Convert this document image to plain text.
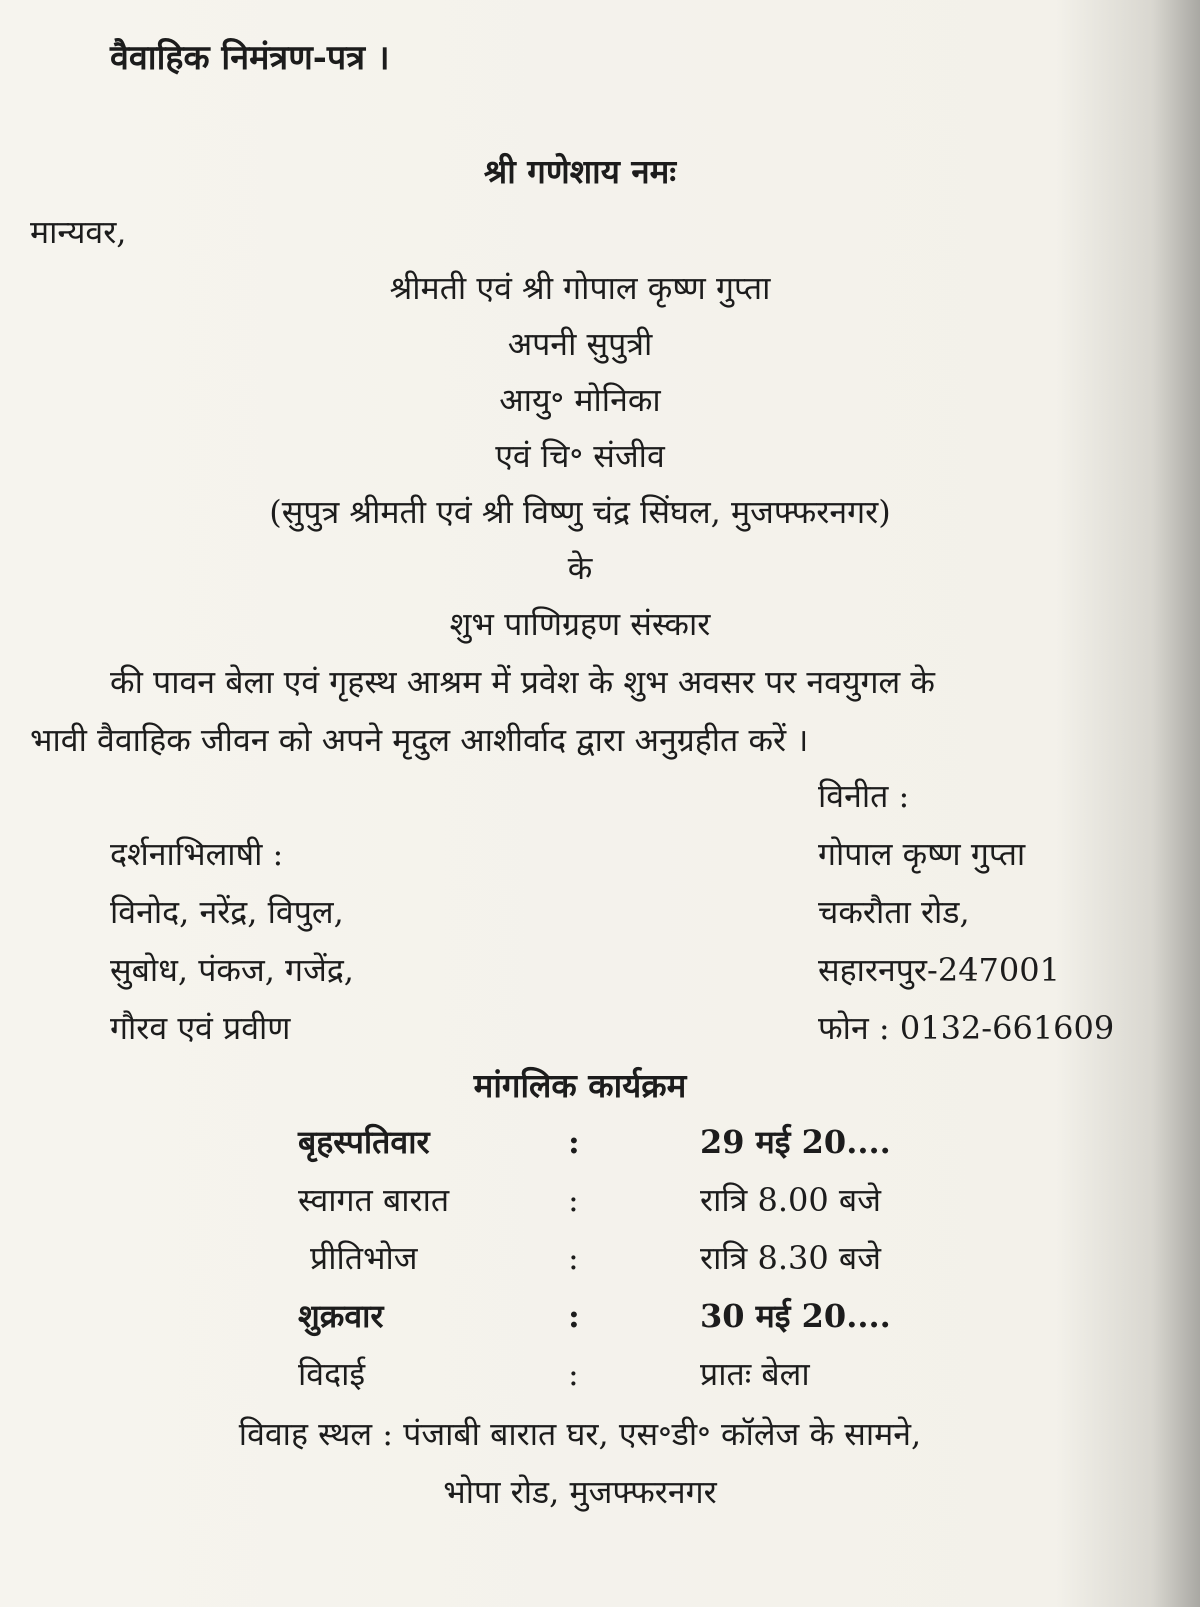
वैवाहिक निमंत्रण-पत्र ।
श्री गणेशाय नमः
मान्यवर,
श्रीमती एवं श्री गोपाल कृष्ण गुप्ता
अपनी सुपुत्री
आयु॰ मोनिका
एवं चि॰ संजीव
(सुपुत्र श्रीमती एवं श्री विष्णु चंद्र सिंघल, मुजफ्फरनगर)
के
शुभ पाणिग्रहण संस्कार
की पावन बेला एवं गृहस्थ आश्रम में प्रवेश के शुभ अवसर पर नवयुगल के
भावी वैवाहिक जीवन को अपने मृदुल आशीर्वाद द्वारा अनुग्रहीत करें ।
विनीत :
दर्शनाभिलाषी :
विनोद, नरेंद्र, विपुल,
सुबोध, पंकज, गजेंद्र,
गौरव एवं प्रवीण
गोपाल कृष्ण गुप्ता
चकरौता रोड,
सहारनपुर-247001
फोन : 0132-661609
मांगलिक कार्यक्रम
बृहस्पतिवार	:	29 मई 20....
स्वागत बारात	:	रात्रि 8.00 बजे
प्रीतिभोज	:	रात्रि 8.30 बजे
शुक्रवार	:	30 मई 20....
विदाई	:	प्रातः बेला
विवाह स्थल : पंजाबी बारात घर, एस॰डी॰ कॉलेज के सामने,
भोपा रोड, मुजफ्फरनगर
